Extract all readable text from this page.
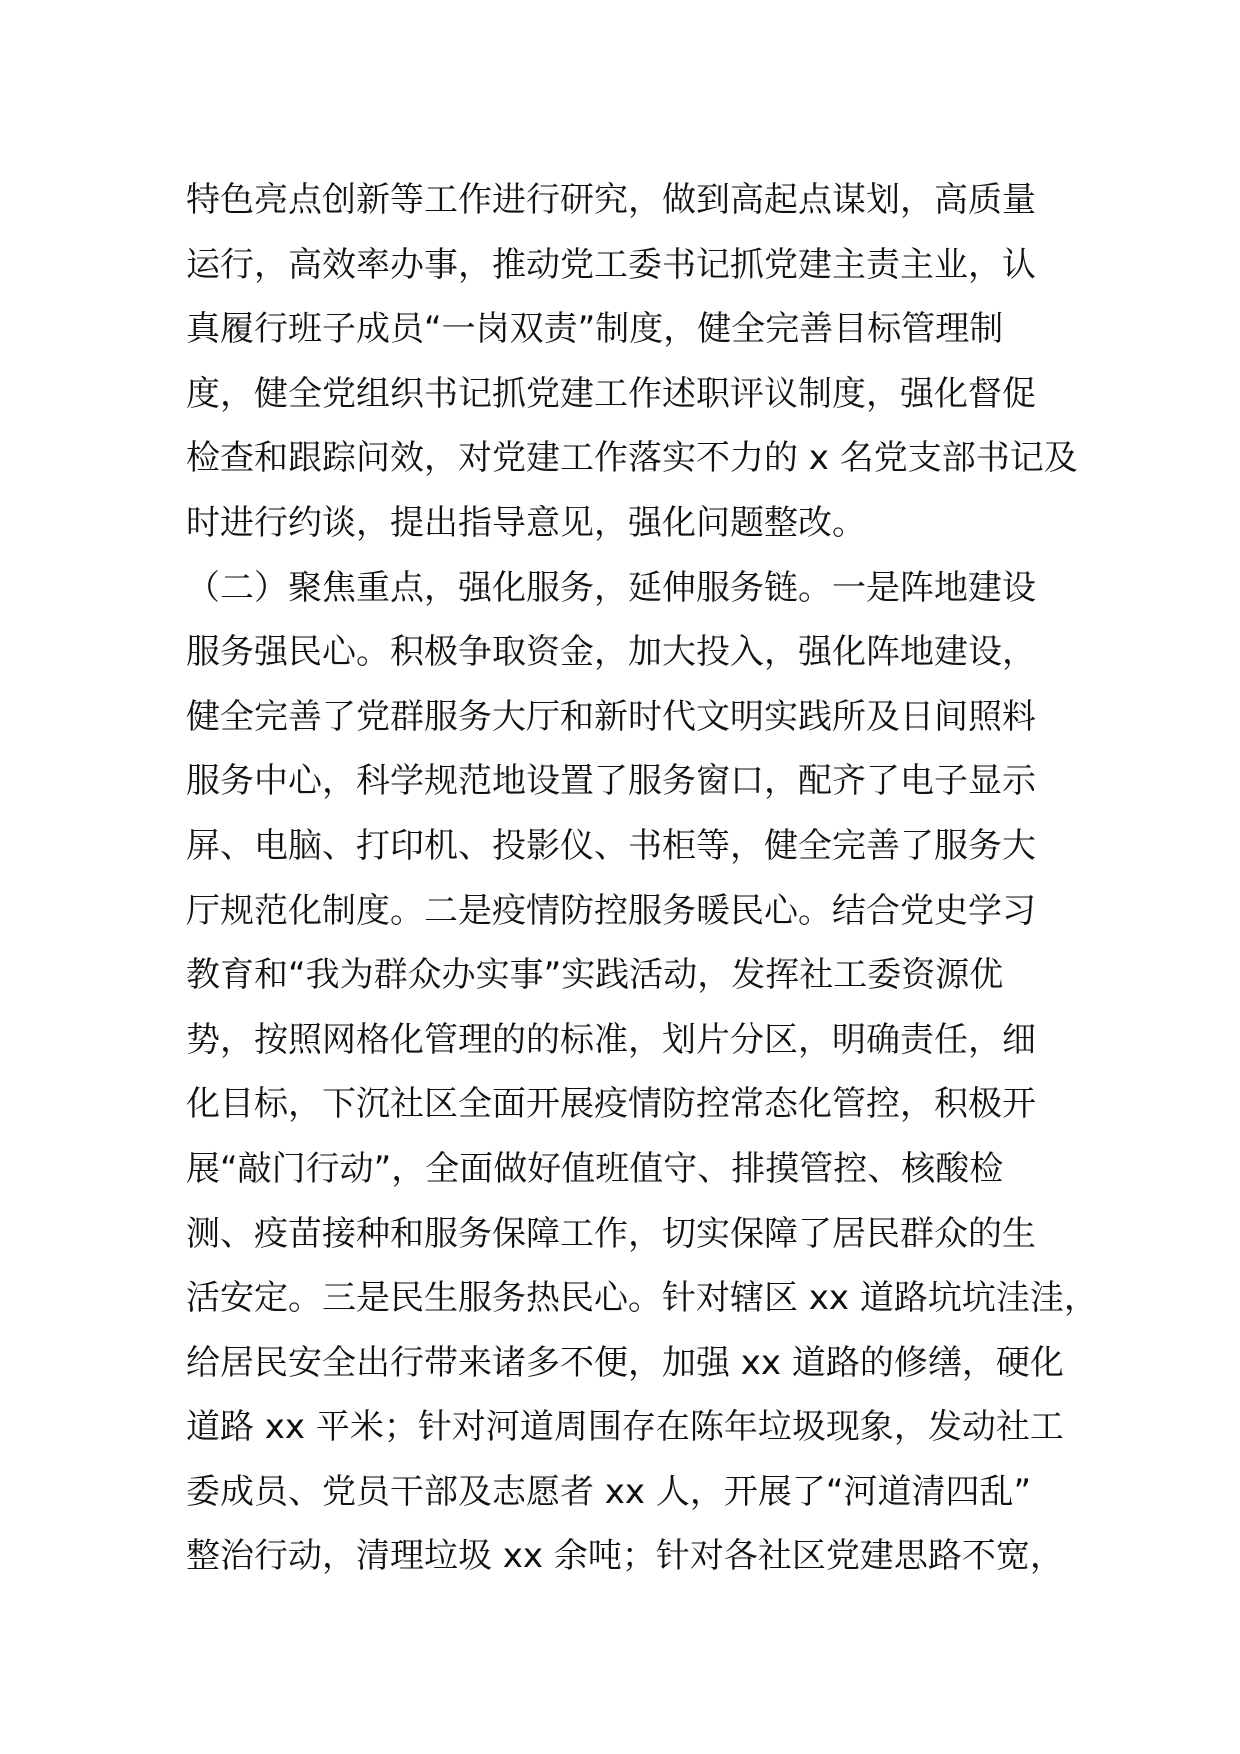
特色亮点创新等工作进行研究，做到高起点谋划，高质量
运行，高效率办事，推动党工委书记抓党建主责主业，认
真履行班子成员“一岗双责”制度，健全完善目标管理制
度，健全党组织书记抓党建工作述职评议制度，强化督促
检查和跟踪问效，对党建工作落实不力的 x 名党支部书记及
时进行约谈，提出指导意见，强化问题整改。
（二）聚焦重点，强化服务，延伸服务链。一是阵地建设
服务强民心。积极争取资金，加大投入，强化阵地建设，
健全完善了党群服务大厅和新时代文明实践所及日间照料
服务中心，科学规范地设置了服务窗口，配齐了电子显示
屏、电脑、打印机、投影仪、书柜等，健全完善了服务大
厅规范化制度。二是疫情防控服务暖民心。结合党史学习
教育和“我为群众办实事”实践活动，发挥社工委资源优
势，按照网格化管理的的标准，划片分区，明确责任，细
化目标，下沉社区全面开展疫情防控常态化管控，积极开
展“敲门行动”，全面做好值班值守、排摸管控、核酸检
测、疫苗接种和服务保障工作，切实保障了居民群众的生
活安定。三是民生服务热民心。针对辖区 xx 道路坑坑洼洼，
给居民安全出行带来诸多不便，加强 xx 道路的修缮，硬化
道路 xx 平米；针对河道周围存在陈年垃圾现象，发动社工
委成员、党员干部及志愿者 xx 人，开展了“河道清四乱”
整治行动，清理垃圾 xx 余吨；针对各社区党建思路不宽，
